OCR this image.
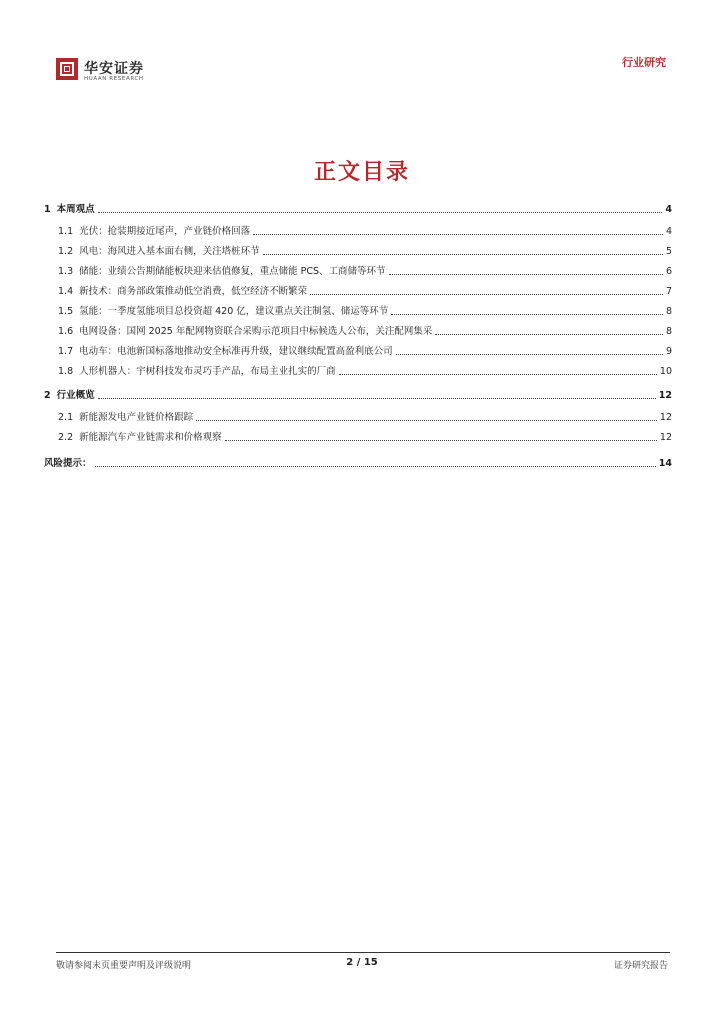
华安证券
HUAAN RESEARCH
行业研究
正文目录
1 本周观点	4
1.1 光伏：抢装期接近尾声，产业链价格回落	4
1.2 风电：海风进入基本面右侧，关注塔桩环节	5
1.3 储能：业绩公告期储能板块迎来估值修复，重点储能 PCS、工商储等环节	6
1.4 新技术：商务部政策推动低空消费，低空经济不断繁荣	7
1.5 氢能：一季度氢能项目总投资超 420 亿，建议重点关注制氢、储运等环节	8
1.6 电网设备：国网 2025 年配网物资联合采购示范项目中标候选人公布，关注配网集采	8
1.7 电动车：电池新国标落地推动安全标准再升级，建议继续配置高盈利底公司	9
1.8 人形机器人：宇树科技发布灵巧手产品，布局主业扎实的厂商	10
2 行业概览	12
2.1 新能源发电产业链价格跟踪	12
2.2 新能源汽车产业链需求和价格观察	12
风险提示：	14
敬请参阅末页重要声明及评级说明	2 / 15	证券研究报告
